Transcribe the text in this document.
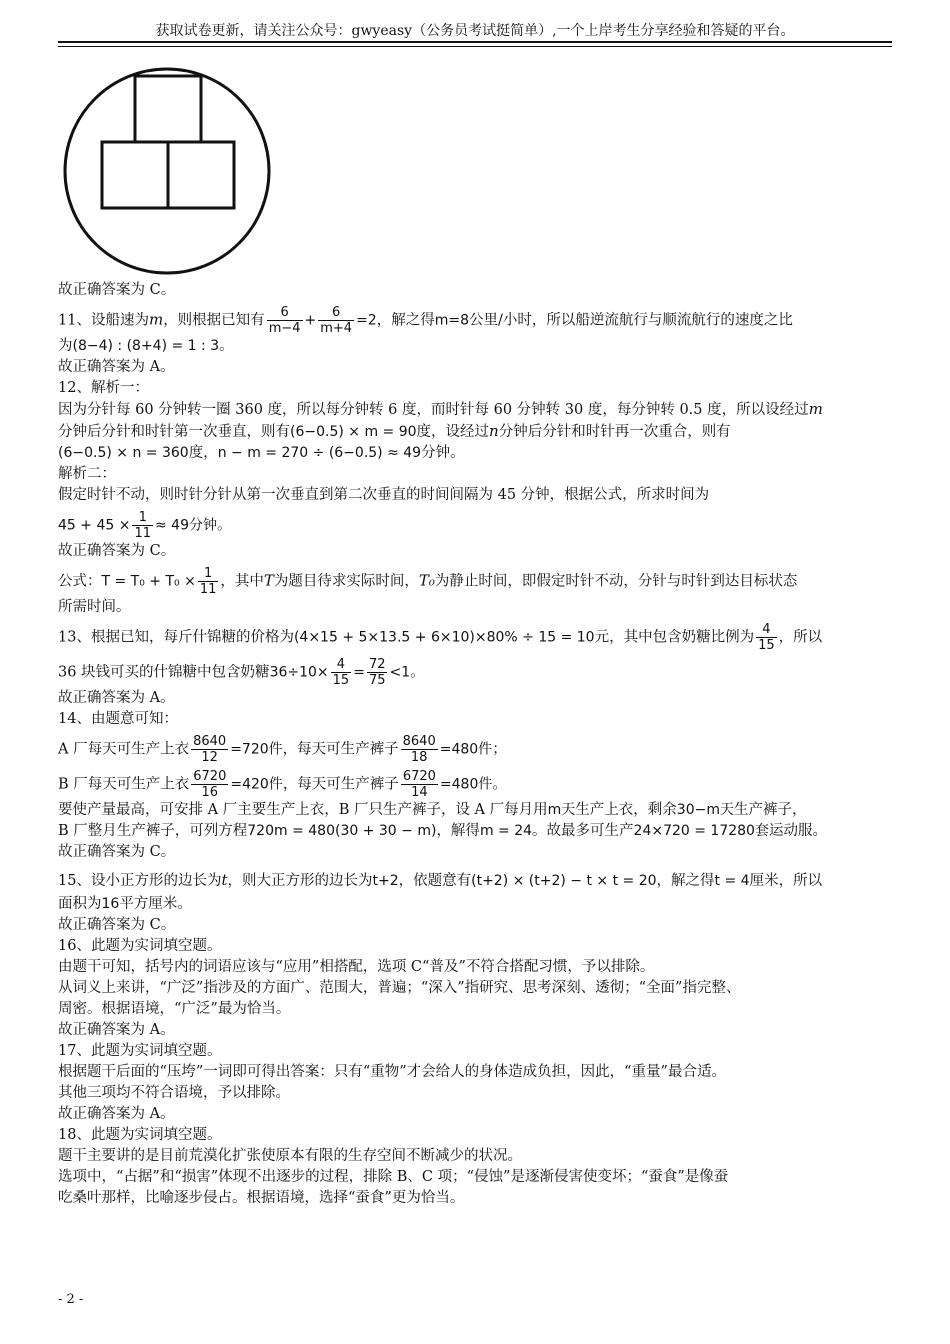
获取试卷更新，请关注公众号：gwyeasy（公务员考试挺简单）,一个上岸考生分享经验和答疑的平台。

故正确答案为 C。

11、设船速为m，则根据已知有 $\frac{6}{m-4} + \frac{6}{m+4} =2$，解之得m=8公里/小时，所以船逆流航行与顺流航行的速度之比

为(8−4) : (8+4) = 1 : 3。

故正确答案为 A。

12、解析一：

因为分针每 60 分钟转一圈 360 度，所以每分钟转 6 度，而时针每 60 分钟转 30 度，每分钟转 0.5 度，所以设经过m

分钟后分针和时针第一次垂直，则有(6−0.5) × m = 90度，设经过n分钟后分针和时针再一次重合，则有

(6−0.5) × n = 360度，n − m = 270 ÷ (6−0.5) ≈ 49分钟。

解析二：

假定时针不动，则时针分针从第一次垂直到第二次垂直的时间间隔为 45 分钟，根据公式，所求时间为

$45 + 45 \times \frac{1}{11} \approx 49$分钟。

故正确答案为 C。

公式：$T = T_0 + T_0 \times \frac{1}{11}$ ，其中T为题目待求实际时间，T₀为静止时间，即假定时针不动，分针与时针到达目标状态

所需时间。

13、根据已知，每斤什锦糖的价格为(4×15 + 5×13.5 + 6×10)×80% ÷ 15 = 10元，其中包含奶糖比例为 $\frac{4}{15}$ ，所以

36 块钱可买的什锦糖中包含奶糖$36\div 10\times \frac{4}{15} = \frac{72}{75} <1$。

故正确答案为 A。

14、由题意可知：

A 厂每天可生产上衣 $\frac{8640}{12} =720$件，每天可生产裤子 $\frac{8640}{18} =480$件；

B 厂每天可生产上衣 $\frac{6720}{16} =420$件，每天可生产裤子 $\frac{6720}{14} =480$件。

要使产量最高，可安排 A 厂主要生产上衣，B 厂只生产裤子，设 A 厂每月用m天生产上衣，剩余30−m天生产裤子，

B 厂整月生产裤子，可列方程720m = 480(30 + 30 − m)，解得m = 24。故最多可生产24×720 = 17280套运动服。

故正确答案为 C。

15、设小正方形的边长为t，则大正方形的边长为t+2，依题意有(t+2) × (t+2) − t × t = 20，解之得t = 4厘米，所以

面积为16平方厘米。

故正确答案为 C。

16、此题为实词填空题。

由题干可知，括号内的词语应该与“应用”相搭配，选项 C“普及”不符合搭配习惯，予以排除。

从词义上来讲，“广泛”指涉及的方面广、范围大，普遍；“深入”指研究、思考深刻、透彻；“全面”指完整、

周密。根据语境，“广泛”最为恰当。

故正确答案为 A。

17、此题为实词填空题。

根据题干后面的“压垮”一词即可得出答案：只有“重物”才会给人的身体造成负担，因此，“重量”最合适。

其他三项均不符合语境，予以排除。

故正确答案为 A。

18、此题为实词填空题。

题干主要讲的是目前荒漠化扩张使原本有限的生存空间不断减少的状况。

选项中，“占据”和“损害”体现不出逐步的过程，排除 B、C 项；“侵蚀”是逐渐侵害使变坏；“蚕食”是像蚕

吃桑叶那样，比喻逐步侵占。根据语境，选择“蚕食”更为恰当。

- 2 -
